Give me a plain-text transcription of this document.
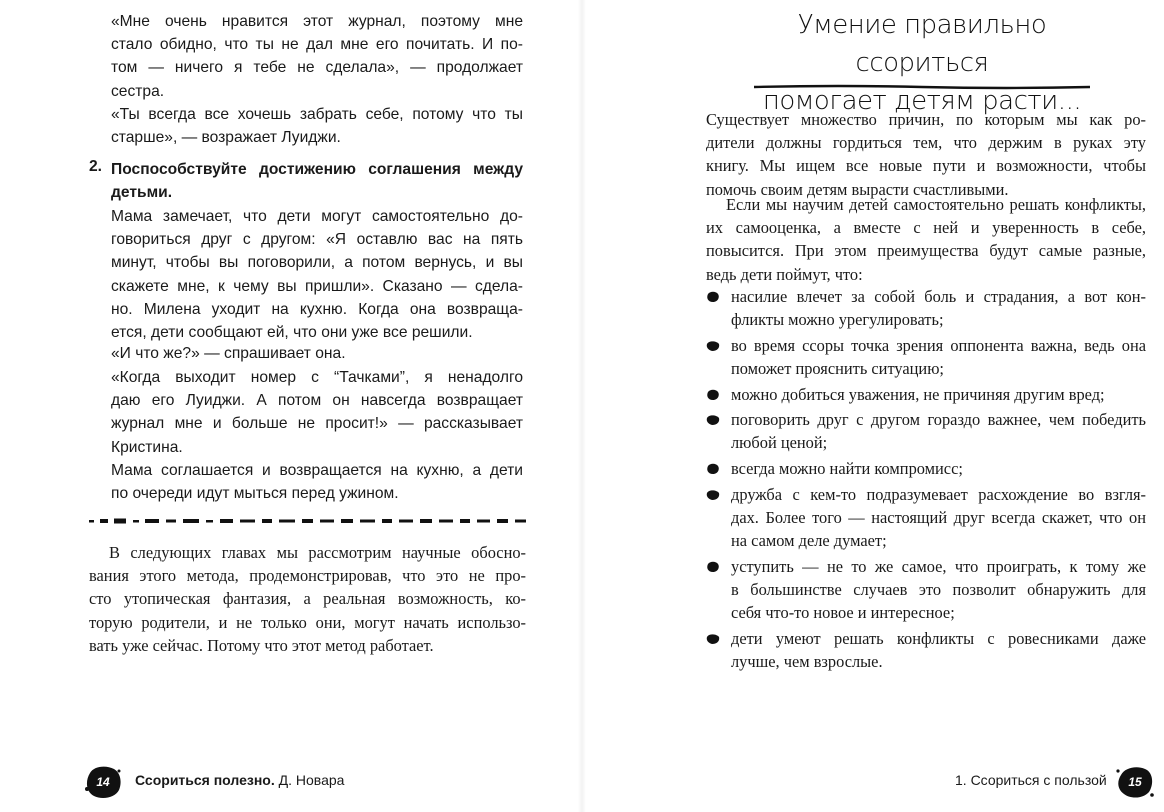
«Мне очень нравится этот журнал, поэтому мне
стало обидно, что ты не дал мне его почитать. И по-
том — ничего я тебе не сделала», — продолжает
сестра.
«Ты всегда все хочешь забрать себе, потому что ты
старше», — возражает Луиджи.
2. Поспособствуйте достижению соглашения между
детьми.
Мама замечает, что дети могут самостоятельно до-
говориться друг с другом: «Я оставлю вас на пять
минут, чтобы вы поговорили, а потом вернусь, и вы
скажете мне, к чему вы пришли». Сказано — сдела-
но. Милена уходит на кухню. Когда она возвраща-
ется, дети сообщают ей, что они уже все решили.
«И что же?» — спрашивает она.
«Когда выходит номер с “Тачками”, я ненадолго
даю его Луиджи. А потом он навсегда возвращает
журнал мне и больше не просит!» — рассказывает
Кристина.
Мама соглашается и возвращается на кухню, а дети
по очереди идут мыться перед ужином.
В следующих главах мы рассмотрим научные обосно-
вания этого метода, продемонстрировав, что это не про-
сто утопическая фантазия, а реальная возможность, ко-
торую родители, и не только они, могут начать использо-
вать уже сейчас. Потому что этот метод работает.
14	Ссориться полезно. Д. Новара
Умение правильно ссориться
помогает детям расти...
Существует множество причин, по которым мы как ро-
дители должны гордиться тем, что держим в руках эту
книгу. Мы ищем все новые пути и возможности, чтобы
помочь своим детям вырасти счастливыми.
Если мы научим детей самостоятельно решать конфликты,
их самооценка, а вместе с ней и уверенность в себе,
повысится. При этом преимущества будут самые разные,
ведь дети поймут, что:
насилие влечет за собой боль и страдания, а вот кон-
фликты можно урегулировать;
во время ссоры точка зрения оппонента важна, ведь она
поможет прояснить ситуацию;
можно добиться уважения, не причиняя другим вред;
поговорить друг с другом гораздо важнее, чем победить
любой ценой;
всегда можно найти компромисс;
дружба с кем-то подразумевает расхождение во взгля-
дах. Более того — настоящий друг всегда скажет, что он
на самом деле думает;
уступить — не то же самое, что проиграть, к тому же
в большинстве случаев это позволит обнаружить для
себя что-то новое и интересное;
дети умеют решать конфликты с ровесниками даже
лучше, чем взрослые.
1. Ссориться с пользой	15
